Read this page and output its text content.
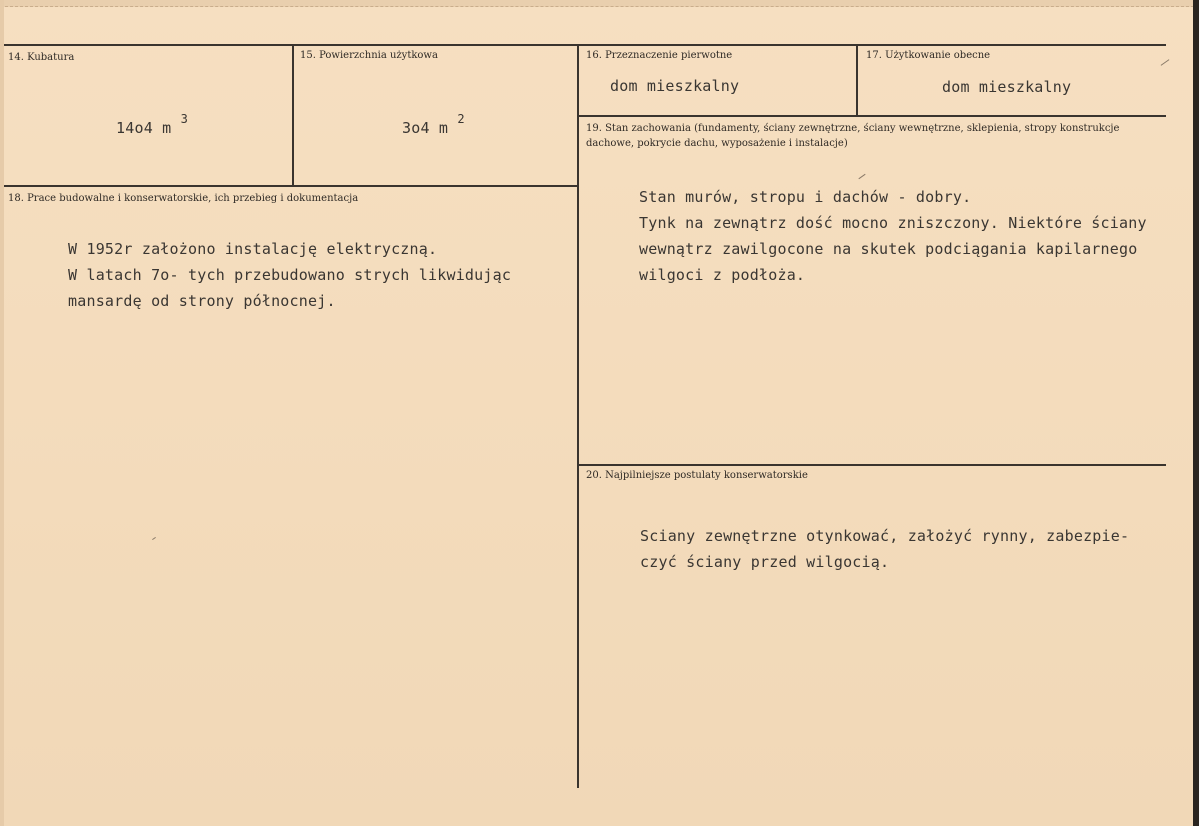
14. Kubatura
14o4 m $^3$
15. Powierzchnia użytkowa
3o4 m $^2$
16. Przeznaczenie pierwotne
dom mieszkalny
17. Użytkowanie obecne
dom mieszkalny
18. Prace budowalne i konserwatorskie, ich przebieg i dokumentacja
W 1952r założono instalację elektryczną.
W latach 7o- tych przebudowano strych likwidując
mansardę od strony północnej.
19. Stan zachowania (fundamenty, ściany zewnętrzne, ściany wewnętrzne, sklepienia, stropy konstrukcje dachowe, pokrycie dachu, wyposażenie i instalacje)
Stan murów, stropu i dachów - dobry.
Tynk na zewnątrz dość mocno zniszczony. Niektóre ściany
wewnątrz zawilgocone na skutek podciągania kapilarnego
wilgoci z podłoża.
20. Najpilniejsze postulaty konserwatorskie
Sciany zewnętrzne otynkować, założyć rynny, zabezpie-
czyć ściany przed wilgocią.
